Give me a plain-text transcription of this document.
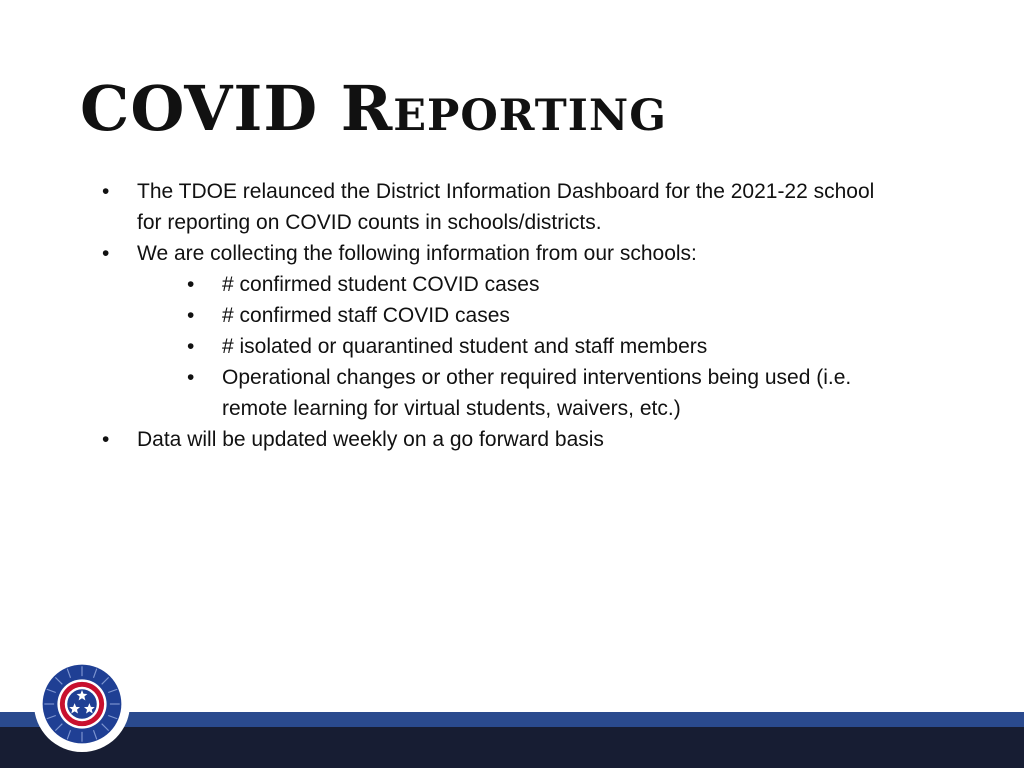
COVID Reporting
• The TDOE relaunced the District Information Dashboard for the 2021-22 school for reporting on COVID counts in schools/districts.
• We are collecting the following information from our schools:
• # confirmed student COVID cases
• # confirmed staff COVID cases
• # isolated or quarantined student and staff members
• Operational changes or other required interventions being used (i.e. remote learning for virtual students, waivers, etc.)
• Data will be updated weekly on a go forward basis
